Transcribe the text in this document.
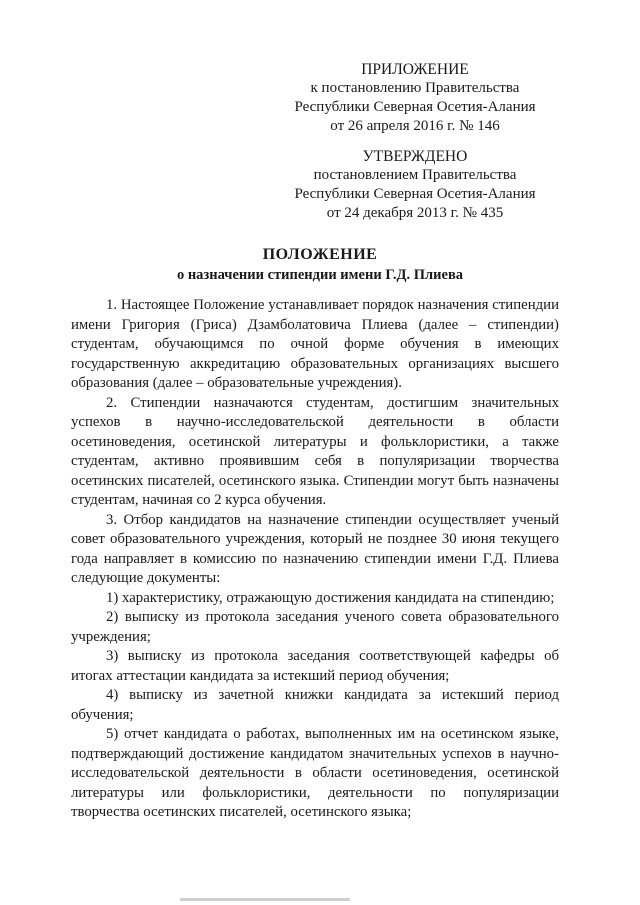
ПРИЛОЖЕНИЕ
к постановлению Правительства
Республики Северная Осетия-Алания
от 26 апреля 2016 г. № 146
УТВЕРЖДЕНО
постановлением Правительства
Республики Северная Осетия-Алания
от 24 декабря 2013 г. № 435
ПОЛОЖЕНИЕ
о назначении стипендии имени Г.Д. Плиева

1. Настоящее Положение устанавливает порядок назначения стипендии имени Григория (Гриса) Дзамболатовича Плиева (далее – стипендии) студентам, обучающимся по очной форме обучения в имеющих государственную аккредитацию образовательных организациях высшего образования (далее – образовательные учреждения).

2. Стипендии назначаются студентам, достигшим значительных успехов в научно-исследовательской деятельности в области осетиноведения, осетинской литературы и фольклористики, а также студентам, активно проявившим себя в популяризации творчества осетинских писателей, осетинского языка. Стипендии могут быть назначены студентам, начиная со 2 курса обучения.

3. Отбор кандидатов на назначение стипендии осуществляет ученый совет образовательного учреждения, который не позднее 30 июня текущего года направляет в комиссию по назначению стипендии имени Г.Д. Плиева следующие документы:

1) характеристику, отражающую достижения кандидата на стипендию;

2) выписку из протокола заседания ученого совета образовательного учреждения;

3) выписку из протокола заседания соответствующей кафедры об итогах аттестации кандидата за истекший период обучения;

4) выписку из зачетной книжки кандидата за истекший период обучения;

5) отчет кандидата о работах, выполненных им на осетинском языке, подтверждающий достижение кандидатом значительных успехов в научно-исследовательской деятельности в области осетиноведения, осетинской литературы или фольклористики, деятельности по популяризации творчества осетинских писателей, осетинского языка;
